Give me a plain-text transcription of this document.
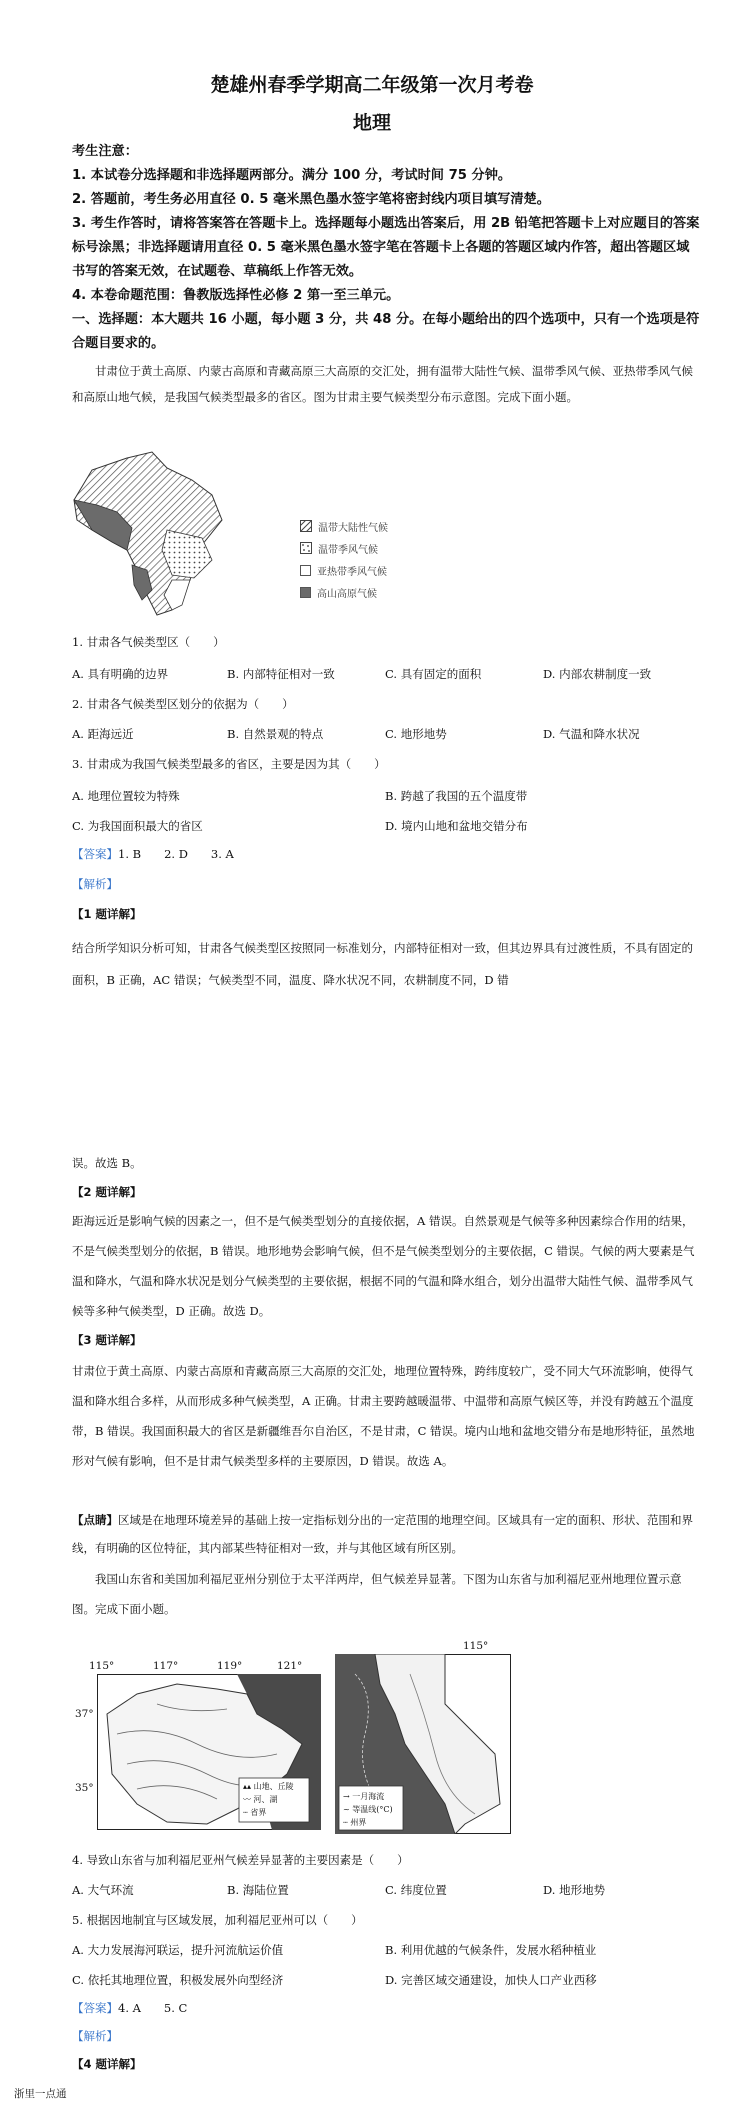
楚雄州春季学期高二年级第一次月考卷
地理
考生注意：
1. 本试卷分选择题和非选择题两部分。满分 100 分，考试时间 75 分钟。
2. 答题前，考生务必用直径 0. 5 毫米黑色墨水签字笔将密封线内项目填写清楚。
3. 考生作答时，请将答案答在答题卡上。选择题每小题选出答案后，用 2B 铅笔把答题卡上对应题目的答案标号涂黑；非选择题请用直径 0. 5 毫米黑色墨水签字笔在答题卡上各题的答题区域内作答，超出答题区域书写的答案无效，在试题卷、草稿纸上作答无效。
4. 本卷命题范围：鲁教版选择性必修 2 第一至三单元。
一、选择题：本大题共 16 小题，每小题 3 分，共 48 分。在每小题给出的四个选项中，只有一个选项是符合题目要求的。
甘肃位于黄土高原、内蒙古高原和青藏高原三大高原的交汇处，拥有温带大陆性气候、温带季风气候、亚热带季风气候和高原山地气候，是我国气候类型最多的省区。图为甘肃主要气候类型分布示意图。完成下面小题。
温带大陆性气候
温带季风气候
亚热带季风气候
高山高原气候
1. 甘肃各气候类型区（　　）
A. 具有明确的边界	B. 内部特征相对一致	C. 具有固定的面积	D. 内部农耕制度一致
2. 甘肃各气候类型区划分的依据为（　　）
A. 距海远近	B. 自然景观的特点	C. 地形地势	D. 气温和降水状况
3. 甘肃成为我国气候类型最多的省区，主要是因为其（　　）
A. 地理位置较为特殊	B. 跨越了我国的五个温度带
C. 为我国面积最大的省区	D. 境内山地和盆地交错分布
【答案】1. B　　2. D　　3. A
【解析】
【1 题详解】
结合所学知识分析可知，甘肃各气候类型区按照同一标准划分，内部特征相对一致，但其边界具有过渡性质，不具有固定的面积，B 正确，AC 错误；气候类型不同，温度、降水状况不同，农耕制度不同，D 错
误。故选 B。
【2 题详解】
距海远近是影响气候的因素之一，但不是气候类型划分的直接依据，A 错误。自然景观是气候等多种因素综合作用的结果，不是气候类型划分的依据，B 错误。地形地势会影响气候，但不是气候类型划分的主要依据，C 错误。气候的两大要素是气温和降水，气温和降水状况是划分气候类型的主要依据，根据不同的气温和降水组合，划分出温带大陆性气候、温带季风气候等多种气候类型，D 正确。故选 D。
【3 题详解】
甘肃位于黄土高原、内蒙古高原和青藏高原三大高原的交汇处，地理位置特殊，跨纬度较广，受不同大气环流影响，使得气温和降水组合多样，从而形成多种气候类型，A 正确。甘肃主要跨越暖温带、中温带和高原气候区等，并没有跨越五个温度带，B 错误。我国面积最大的省区是新疆维吾尔自治区，不是甘肃，C 错误。境内山地和盆地交错分布是地形特征，虽然地形对气候有影响，但不是甘肃气候类型多样的主要原因，D 错误。故选 A。
【点睛】区域是在地理环境差异的基础上按一定指标划分出的一定范围的地理空间。区域具有一定的面积、形状、范围和界线，有明确的区位特征，其内部某些特征相对一致，并与其他区域有所区别。
我国山东省和美国加利福尼亚州分别位于太平洋两岸，但气候差异显著。下图为山东省与加利福尼亚州地理位置示意图。完成下面小题。
115°	117°	119°	121°
37°
35°	▴▴ 山地、丘陵
〰 河、湖
┄ 省界
115°
→ 一月海流
~ 等温线(°C)
┄ 州界
4. 导致山东省与加利福尼亚州气候差异显著的主要因素是（　　）
A. 大气环流	B. 海陆位置	C. 纬度位置	D. 地形地势
5. 根据因地制宜与区域发展，加利福尼亚州可以（　　）
A. 大力发展海河联运，提升河流航运价值	B. 利用优越的气候条件，发展水稻种植业
C. 依托其地理位置，积极发展外向型经济	D. 完善区域交通建设，加快人口产业西移
【答案】4. A　　5. C
【解析】
【4 题详解】
浙里一点通
